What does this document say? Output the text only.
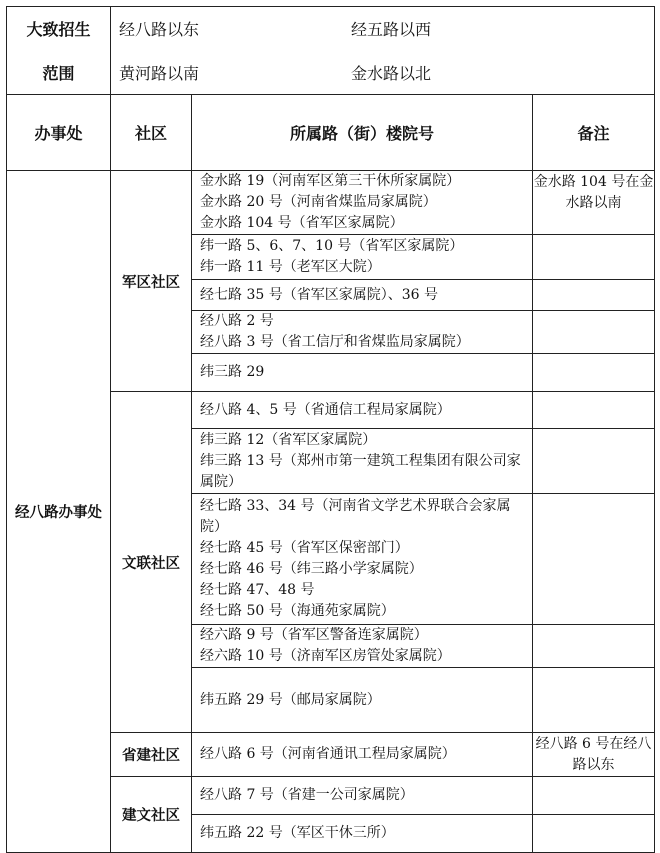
大致招生	经八路以东 经五路以西		
范围	黄河路以南 金水路以北		
办事处	社区	所属路（街）楼院号	备注
经八路办事处	军区社区	金水路 19（河南军区第三干休所家属院）
金水路 20 号（河南省煤监局家属院）
金水路 104 号（省军区家属院）	金水路 104 号在金水路以南

		纬一路 5、6、7、10 号（省军区家属院）
纬一路 11 号（老军区大院）	

		经七路 35 号（省军区家属院）、36 号	

		经八路 2 号
经八路 3 号（省工信厅和省煤监局家属院）	

		纬三路 29	

	文联社区	经八路 4、5 号（省通信工程局家属院）	

		纬三路 12（省军区家属院）
纬三路 13 号（郑州市第一建筑工程集团有限公司家属院）	

		经七路 33、34 号（河南省文学艺术界联合会家属院）
经七路 45 号（省军区保密部门）
经七路 46 号（纬三路小学家属院）
经七路 47、48 号
经七路 50 号（海通苑家属院）	

		经六路 9 号（省军区警备连家属院）
经六路 10 号（济南军区房管处家属院）	

		纬五路 29 号（邮局家属院）	

	省建社区	经八路 6 号（河南省通讯工程局家属院）	经八路 6 号在经八路以东
	建文社区	经八路 7 号（省建一公司家属院）	

		纬五路 22 号（军区干休三所）	
